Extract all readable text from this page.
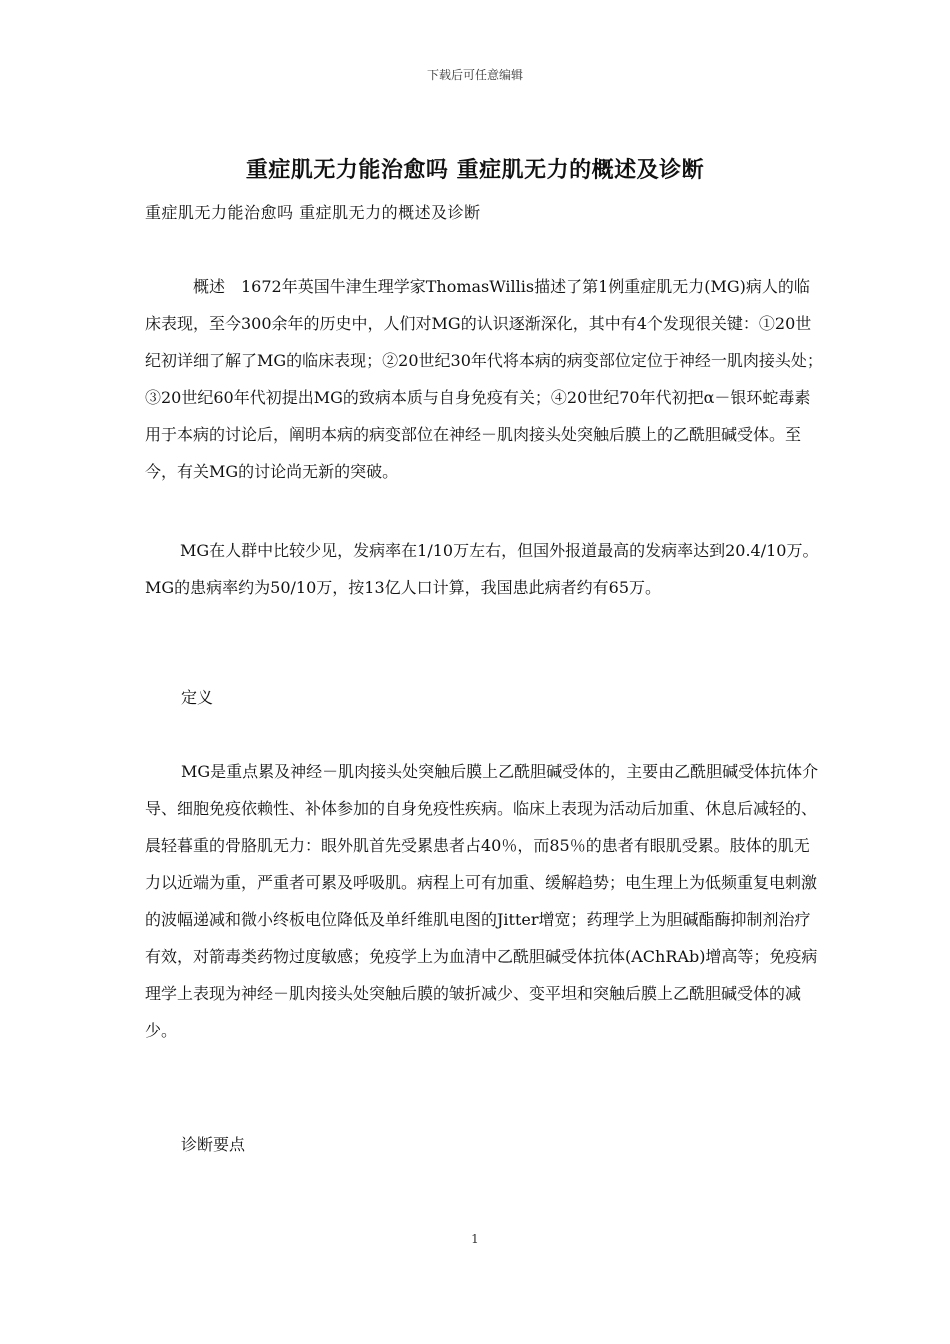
下载后可任意编辑
重症肌无力能治愈吗 重症肌无力的概述及诊断
重症肌无力能治愈吗 重症肌无力的概述及诊断

概述　1672年英国牛津生理学家ThomasWillis描述了第1例重症肌无力(MG)病人的临床表现，至今300余年的历史中，人们对MG的认识逐渐深化，其中有4个发现很关键：①20世纪初详细了解了MG的临床表现；②20世纪30年代将本病的病变部位定位于神经一肌肉接头处；③20世纪60年代初提出MG的致病本质与自身免疫有关；④20世纪70年代初把α－银环蛇毒素用于本病的讨论后，阐明本病的病变部位在神经－肌肉接头处突触后膜上的乙酰胆碱受体。至今，有关MG的讨论尚无新的突破。

MG在人群中比较少见，发病率在1/10万左右，但国外报道最高的发病率达到20.4/10万。MG的患病率约为50/10万，按13亿人口计算，我国患此病者约有65万。

定义

MG是重点累及神经－肌肉接头处突触后膜上乙酰胆碱受体的，主要由乙酰胆碱受体抗体介导、细胞免疫依赖性、补体参加的自身免疫性疾病。临床上表现为活动后加重、休息后减轻的、晨轻暮重的骨胳肌无力：眼外肌首先受累患者占40％，而85％的患者有眼肌受累。肢体的肌无力以近端为重，严重者可累及呼吸肌。病程上可有加重、缓解趋势；电生理上为低频重复电刺激的波幅递减和微小终板电位降低及单纤维肌电图的Jitter增宽；药理学上为胆碱酯酶抑制剂治疗有效，对箭毒类药物过度敏感；免疫学上为血清中乙酰胆碱受体抗体(AChRAb)增高等；免疫病理学上表现为神经－肌肉接头处突触后膜的皱折减少、变平坦和突触后膜上乙酰胆碱受体的减少。

诊断要点
1
